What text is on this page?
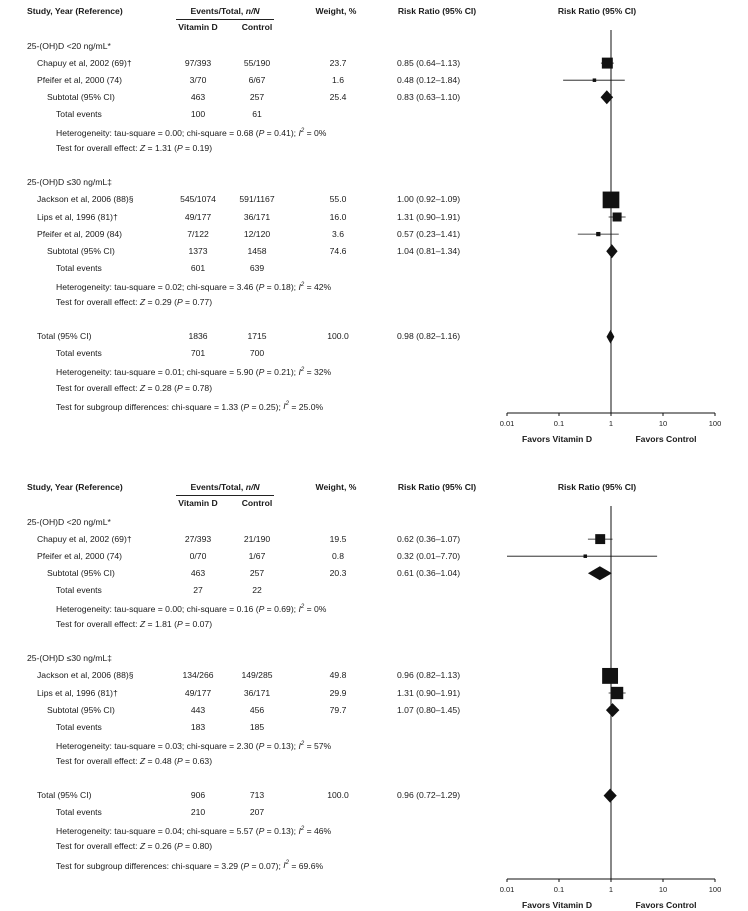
Study, Year (Reference)	Events/Total, n/N	Weight, %	Risk Ratio (95% CI)	Risk Ratio (95% CI)
Vitamin D	Control
25-(OH)D <20 ng/mL*
Chapuy et al, 2002 (69)†	97/393	55/190	23.7	0.85 (0.64–1.13)
Pfeifer et al, 2000 (74)	3/70	6/67	1.6	0.48 (0.12–1.84)
Subtotal (95% CI)	463	257	25.4	0.83 (0.63–1.10)
Total events	100	61
Heterogeneity: tau-square = 0.00; chi-square = 0.68 (P = 0.41); $I^2 = 0\%$
Test for overall effect: Z = 1.31 (P = 0.19)
25-(OH)D ≤30 ng/mL‡
Jackson et al, 2006 (88)§	545/1074	591/1167	55.0	1.00 (0.92–1.09)
Lips et al, 1996 (81)†	49/177	36/171	16.0	1.31 (0.90–1.91)
Pfeifer et al, 2009 (84)	7/122	12/120	3.6	0.57 (0.23–1.41)
Subtotal (95% CI)	1373	1458	74.6	1.04 (0.81–1.34)
Total events	601	639
Heterogeneity: tau-square = 0.02; chi-square = 3.46 (P = 0.18); $I^2 = 42\%$
Test for overall effect: Z = 0.29 (P = 0.77)
Total (95% CI)	1836	1715	100.0	0.98 (0.82–1.16)
Total events	701	700
Heterogeneity: tau-square = 0.01; chi-square = 5.90 (P = 0.21); $I^2 = 32\%$
Test for overall effect: Z = 0.28 (P = 0.78)
Test for subgroup differences: chi-square = 1.33 (P = 0.25); $I^2 = 25.0\%$
0.01	0.1	1	10	100
Favors Vitamin D	Favors Control
Study, Year (Reference)	Events/Total, n/N	Weight, %	Risk Ratio (95% CI)	Risk Ratio (95% CI)
Vitamin D	Control
25-(OH)D <20 ng/mL*
Chapuy et al, 2002 (69)†	27/393	21/190	19.5	0.62 (0.36–1.07)
Pfeifer et al, 2000 (74)	0/70	1/67	0.8	0.32 (0.01–7.70)
Subtotal (95% CI)	463	257	20.3	0.61 (0.36–1.04)
Total events	27	22
Heterogeneity: tau-square = 0.00; chi-square = 0.16 (P = 0.69); $I^2 = 0\%$
Test for overall effect: Z = 1.81 (P = 0.07)
25-(OH)D ≤30 ng/mL‡
Jackson et al, 2006 (88)§	134/266	149/285	49.8	0.96 (0.82–1.13)
Lips et al, 1996 (81)†	49/177	36/171	29.9	1.31 (0.90–1.91)
Subtotal (95% CI)	443	456	79.7	1.07 (0.80–1.45)
Total events	183	185
Heterogeneity: tau-square = 0.03; chi-square = 2.30 (P = 0.13); $I^2 = 57\%$
Test for overall effect: Z = 0.48 (P = 0.63)
Total (95% CI)	906	713	100.0	0.96 (0.72–1.29)
Total events	210	207
Heterogeneity: tau-square = 0.04; chi-square = 5.57 (P = 0.13); $I^2 = 46\%$
Test for overall effect: Z = 0.26 (P = 0.80)
Test for subgroup differences: chi-square = 3.29 (P = 0.07); $I^2 = 69.6\%$
0.01	0.1	1	10	100
Favors Vitamin D	Favors Control
